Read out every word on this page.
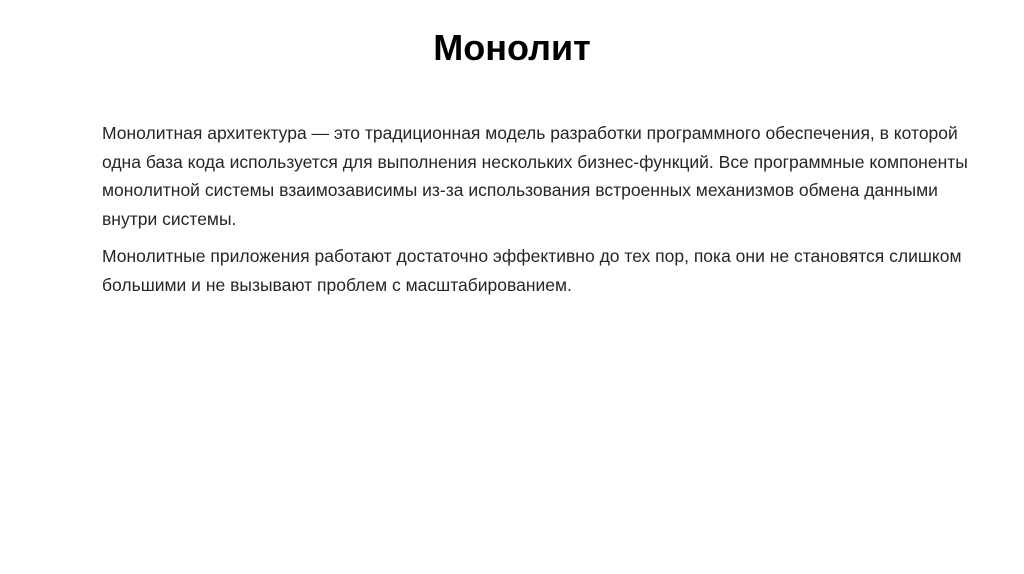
Монолит

Монолитная архитектура — это традиционная модель разработки программного обеспечения, в которой одна база кода используется для выполнения нескольких бизнес-функций. Все программные компоненты монолитной системы взаимозависимы из-за использования встроенных механизмов обмена данными внутри системы.

Монолитные приложения работают достаточно эффективно до тех пор, пока они не становятся слишком большими и не вызывают проблем с масштабированием.
